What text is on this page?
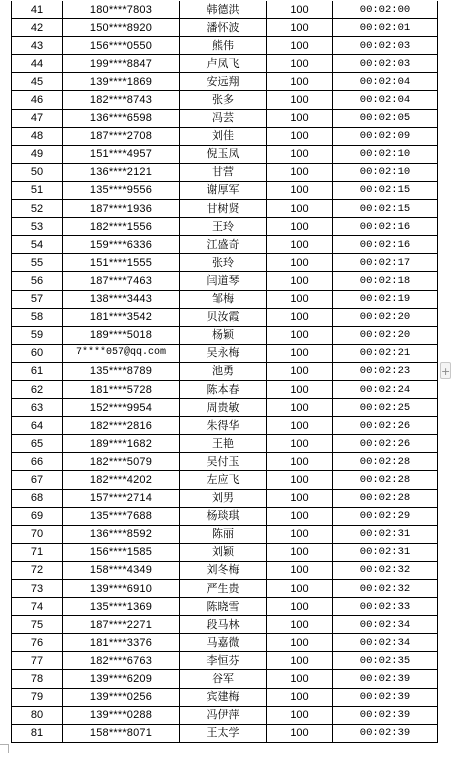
41	180****7803	韩德洪	100	00:02:00
42	150****8920	潘怀波	100	00:02:01
43	156****0550	熊伟	100	00:02:03
44	199****8847	卢凤飞	100	00:02:03
45	139****1869	安远翔	100	00:02:04
46	182****8743	张多	100	00:02:04
47	136****6598	冯芸	100	00:02:05
48	187****2708	刘佳	100	00:02:09
49	151****4957	倪玉凤	100	00:02:10
50	136****2121	甘营	100	00:02:10
51	135****9556	谢厚军	100	00:02:15
52	187****1936	甘树贤	100	00:02:15
53	182****1556	王玲	100	00:02:16
54	159****6336	江盛奇	100	00:02:16
55	151****1555	张玲	100	00:02:17
56	187****7463	闫道琴	100	00:02:18
57	138****3443	邹梅	100	00:02:19
58	181****3542	贝汝霞	100	00:02:20
59	189****5018	杨颖	100	00:02:20
60	7****057@qq.com	吴永梅	100	00:02:21
61	135****8789	池勇	100	00:02:23
62	181****5728	陈本春	100	00:02:24
63	152****9954	周贵敏	100	00:02:25
64	182****2816	朱得华	100	00:02:26
65	189****1682	王艳	100	00:02:26
66	182****5079	吴付玉	100	00:02:28
67	182****4202	左应飞	100	00:02:28
68	157****2714	刘男	100	00:02:28
69	135****7688	杨琰琪	100	00:02:29
70	136****8592	陈丽	100	00:02:31
71	156****1585	刘颖	100	00:02:31
72	158****4349	刘冬梅	100	00:02:32
73	139****6910	严生贵	100	00:02:32
74	135****1369	陈晓雪	100	00:02:33
75	187****2271	段马林	100	00:02:34
76	181****3376	马嘉微	100	00:02:34
77	182****6763	李恒芬	100	00:02:35
78	139****6209	谷军	100	00:02:39
79	139****0256	宾建梅	100	00:02:39
80	139****0288	冯伊萍	100	00:02:39
81	158****8071	王太学	100	00:02:39
+
